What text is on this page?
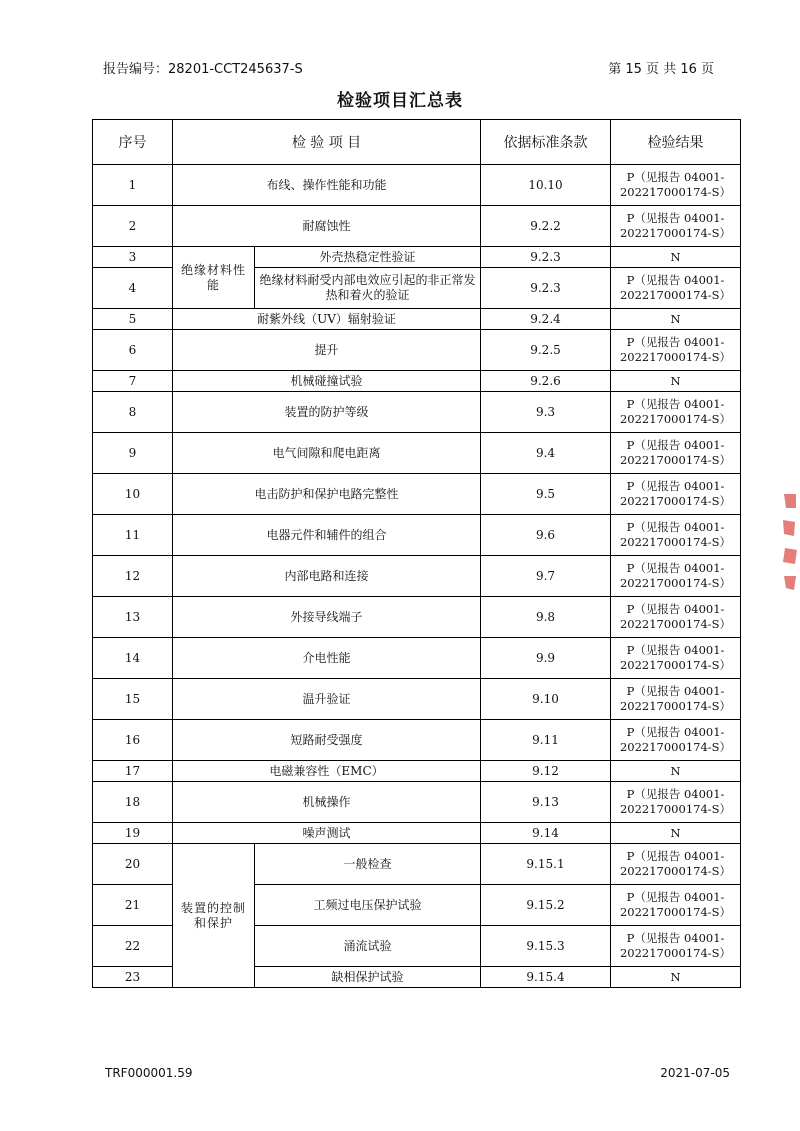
报告编号：28201-CCT245637-S	第 15 页 共 16 页
检验项目汇总表
序号	检 验 项 目		依据标准条款	检验结果
1	布线、操作性能和功能		10.10	P（见报告 04001-202217000174-S）
2	耐腐蚀性		9.2.2	P（见报告 04001-202217000174-S）
3	绝缘材料性能	外壳热稳定性验证	9.2.3	N
4		绝缘材料耐受内部电效应引起的非正常发热和着火的验证	9.2.3	P（见报告 04001-202217000174-S）
5	耐紫外线（UV）辐射验证		9.2.4	N
6	提升		9.2.5	P（见报告 04001-202217000174-S）
7	机械碰撞试验		9.2.6	N
8	装置的防护等级		9.3	P（见报告 04001-202217000174-S）
9	电气间隙和爬电距离		9.4	P（见报告 04001-202217000174-S）
10	电击防护和保护电路完整性		9.5	P（见报告 04001-202217000174-S）
11	电器元件和辅件的组合		9.6	P（见报告 04001-202217000174-S）
12	内部电路和连接		9.7	P（见报告 04001-202217000174-S）
13	外接导线端子		9.8	P（见报告 04001-202217000174-S）
14	介电性能		9.9	P（见报告 04001-202217000174-S）
15	温升验证		9.10	P（见报告 04001-202217000174-S）
16	短路耐受强度		9.11	P（见报告 04001-202217000174-S）
17	电磁兼容性（EMC）		9.12	N
18	机械操作		9.13	P（见报告 04001-202217000174-S）
19	噪声测试		9.14	N
20	装置的控制和保护	一般检查	9.15.1	P（见报告 04001-202217000174-S）
21		工频过电压保护试验	9.15.2	P（见报告 04001-202217000174-S）
22		涌流试验	9.15.3	P（见报告 04001-202217000174-S）
23		缺相保护试验	9.15.4	N
TRF000001.59	2021-07-05
